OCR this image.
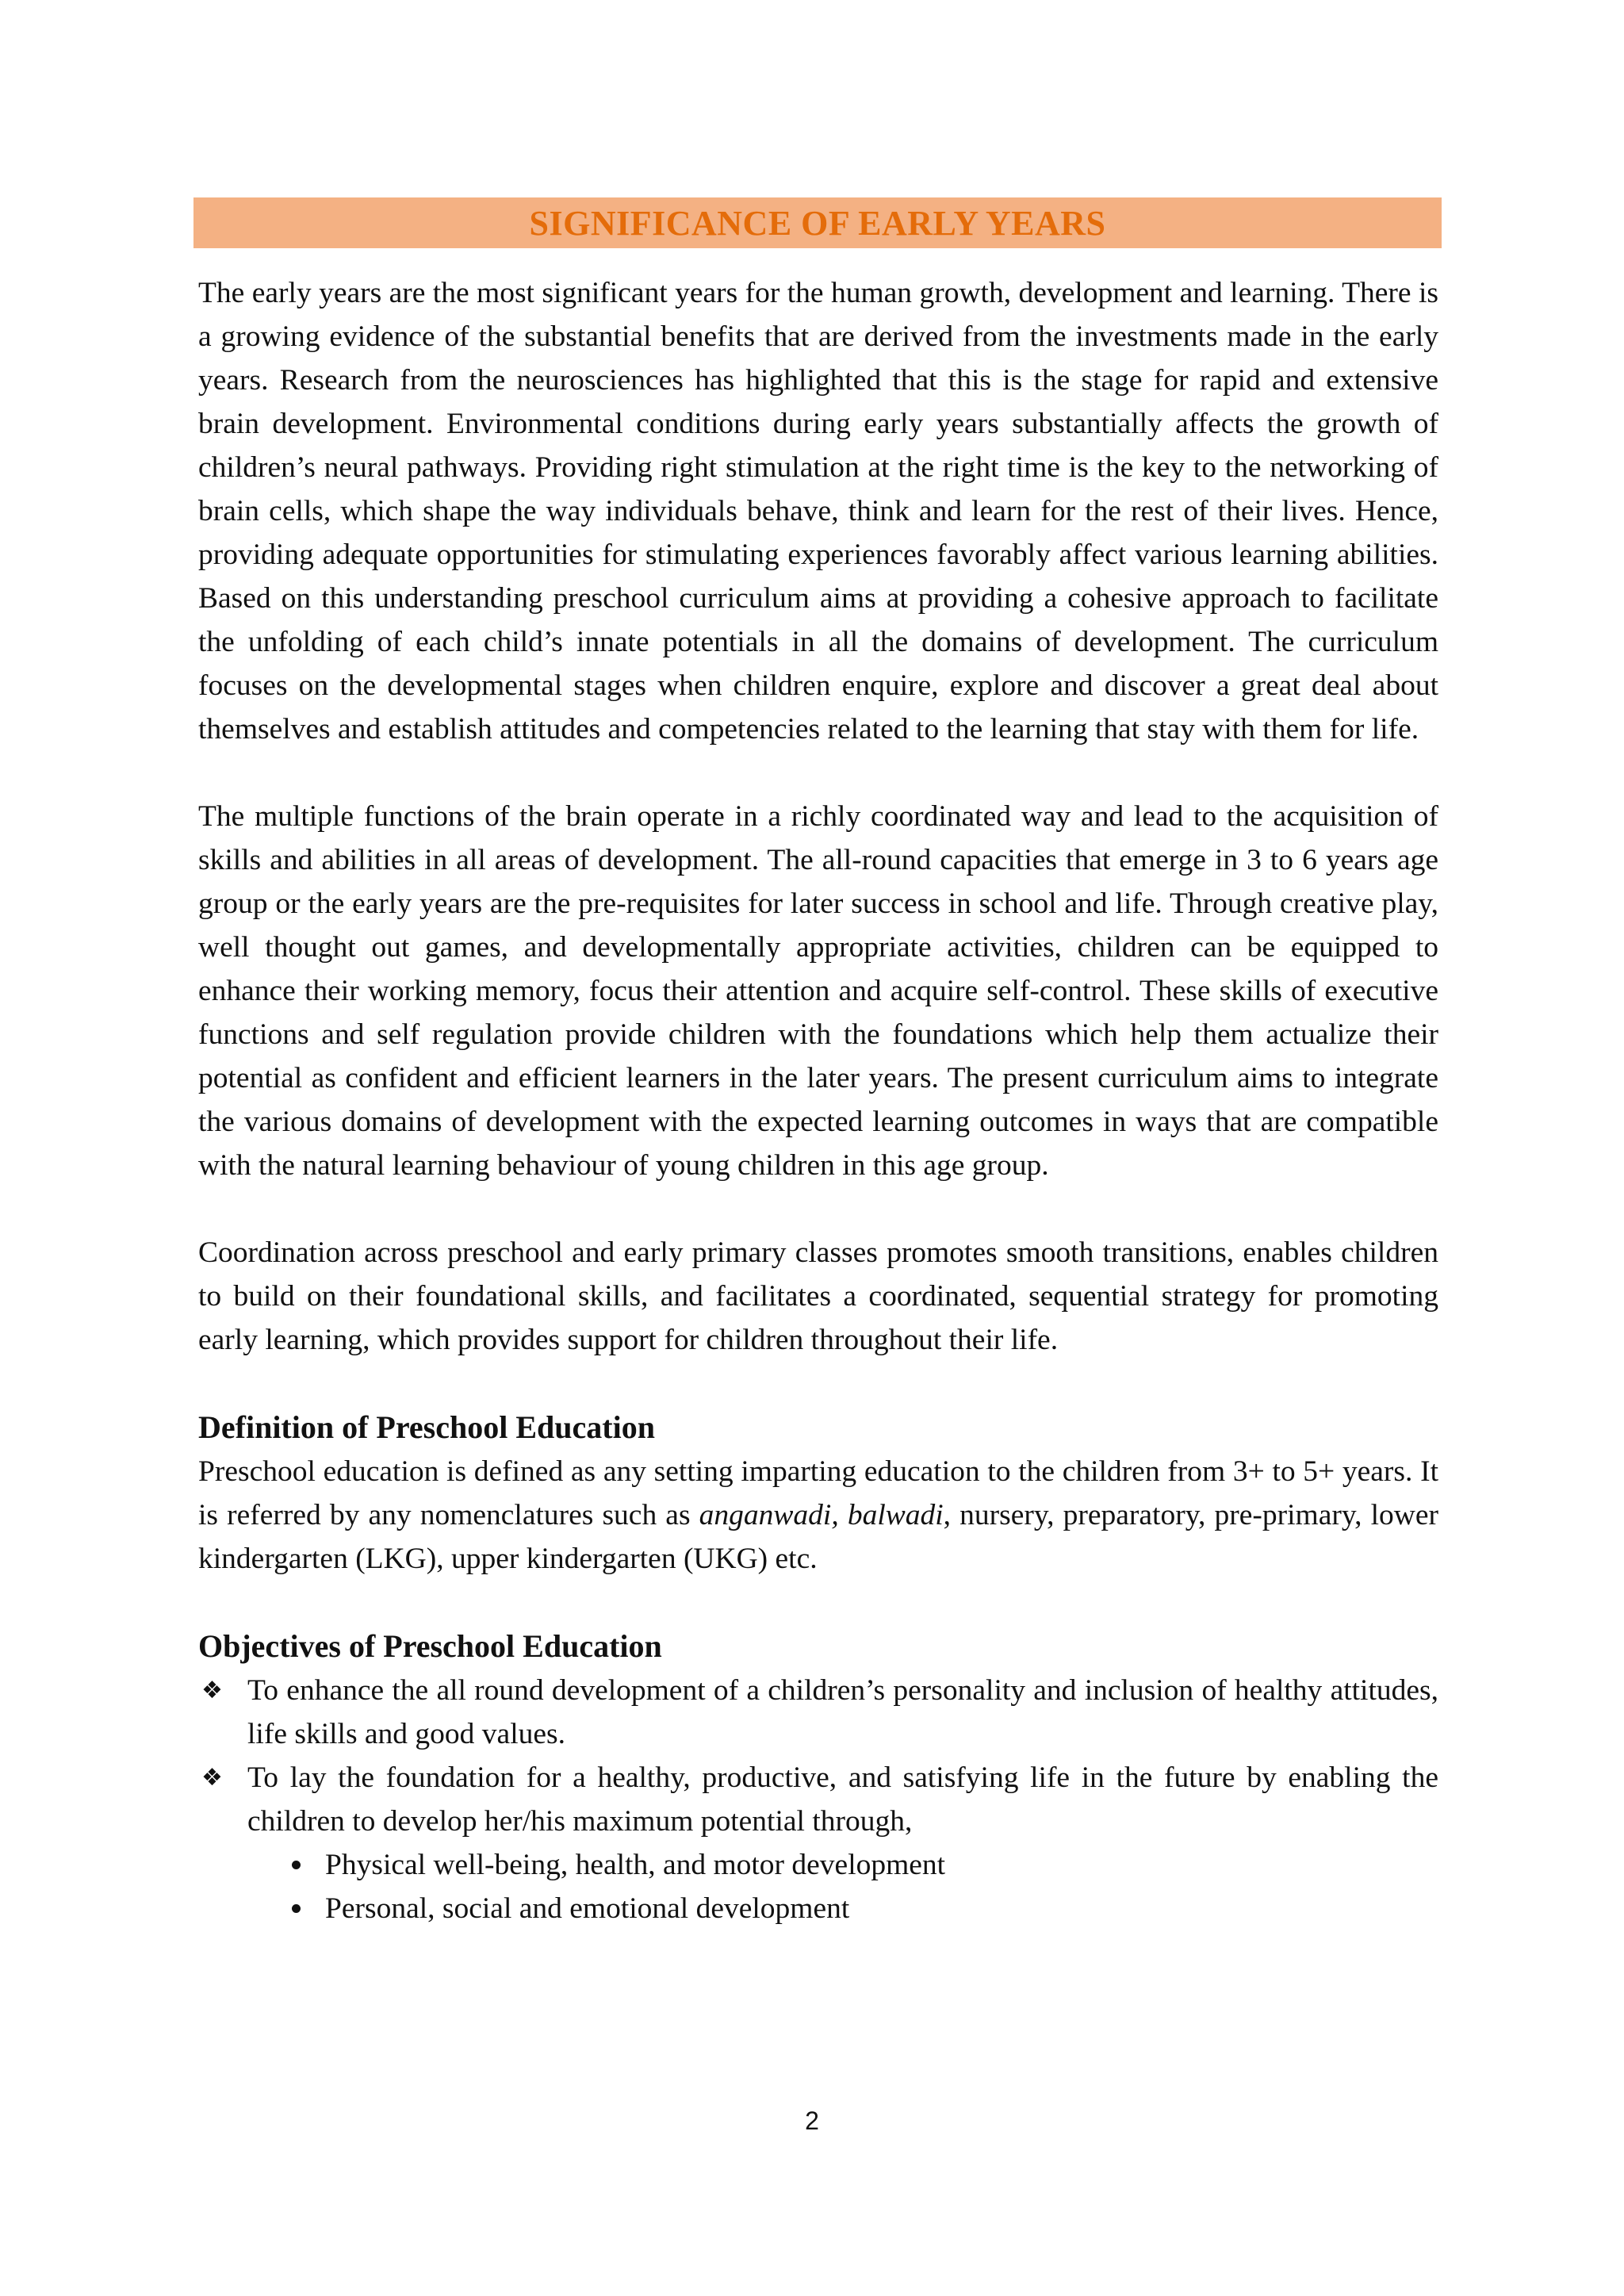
SIGNIFICANCE OF EARLY YEARS

The early years are the most significant years for the human growth, development and learning. There is a growing evidence of the substantial benefits that are derived from the investments made in the early years. Research from the neurosciences has highlighted that this is the stage for rapid and extensive brain development. Environmental conditions during early years substantially affects the growth of children’s neural pathways. Providing right stimulation at the right time is the key to the networking of brain cells, which shape the way individuals behave, think and learn for the rest of their lives. Hence, providing adequate opportunities for stimulating experiences favorably affect various learning abilities. Based on this understanding preschool curriculum aims at providing a cohesive approach to facilitate the unfolding of each child’s innate potentials in all the domains of development. The curriculum focuses on the developmental stages when children enquire, explore and discover a great deal about themselves and establish attitudes and competencies related to the learning that stay with them for life.

The multiple functions of the brain operate in a richly coordinated way and lead to the acquisition of skills and abilities in all areas of development. The all-round capacities that emerge in 3 to 6 years age group or the early years are the pre-requisites for later success in school and life. Through creative play, well thought out games, and developmentally appropriate activities, children can be equipped to enhance their working memory, focus their attention and acquire self-control. These skills of executive functions and self regulation provide children with the foundations which help them actualize their potential as confident and efficient learners in the later years. The present curriculum aims to integrate the various domains of development with the expected learning outcomes in ways that are compatible with the natural learning behaviour of young children in this age group.

Coordination across preschool and early primary classes promotes smooth transitions, enables children to build on their foundational skills, and facilitates a coordinated, sequential strategy for promoting early learning, which provides support for children throughout their life.

Definition of Preschool Education

Preschool education is defined as any setting imparting education to the children from 3+ to 5+ years. It is referred by any nomenclatures such as anganwadi, balwadi, nursery, preparatory, pre-primary, lower kindergarten (LKG), upper kindergarten (UKG) etc.

Objectives of Preschool Education
❖ To enhance the all round development of a children’s personality and inclusion of healthy attitudes, life skills and good values.
❖ To lay the foundation for a healthy, productive, and satisfying life in the future by enabling the children to develop her/his maximum potential through,
Physical well-being, health, and motor development
Personal, social and emotional development
2
